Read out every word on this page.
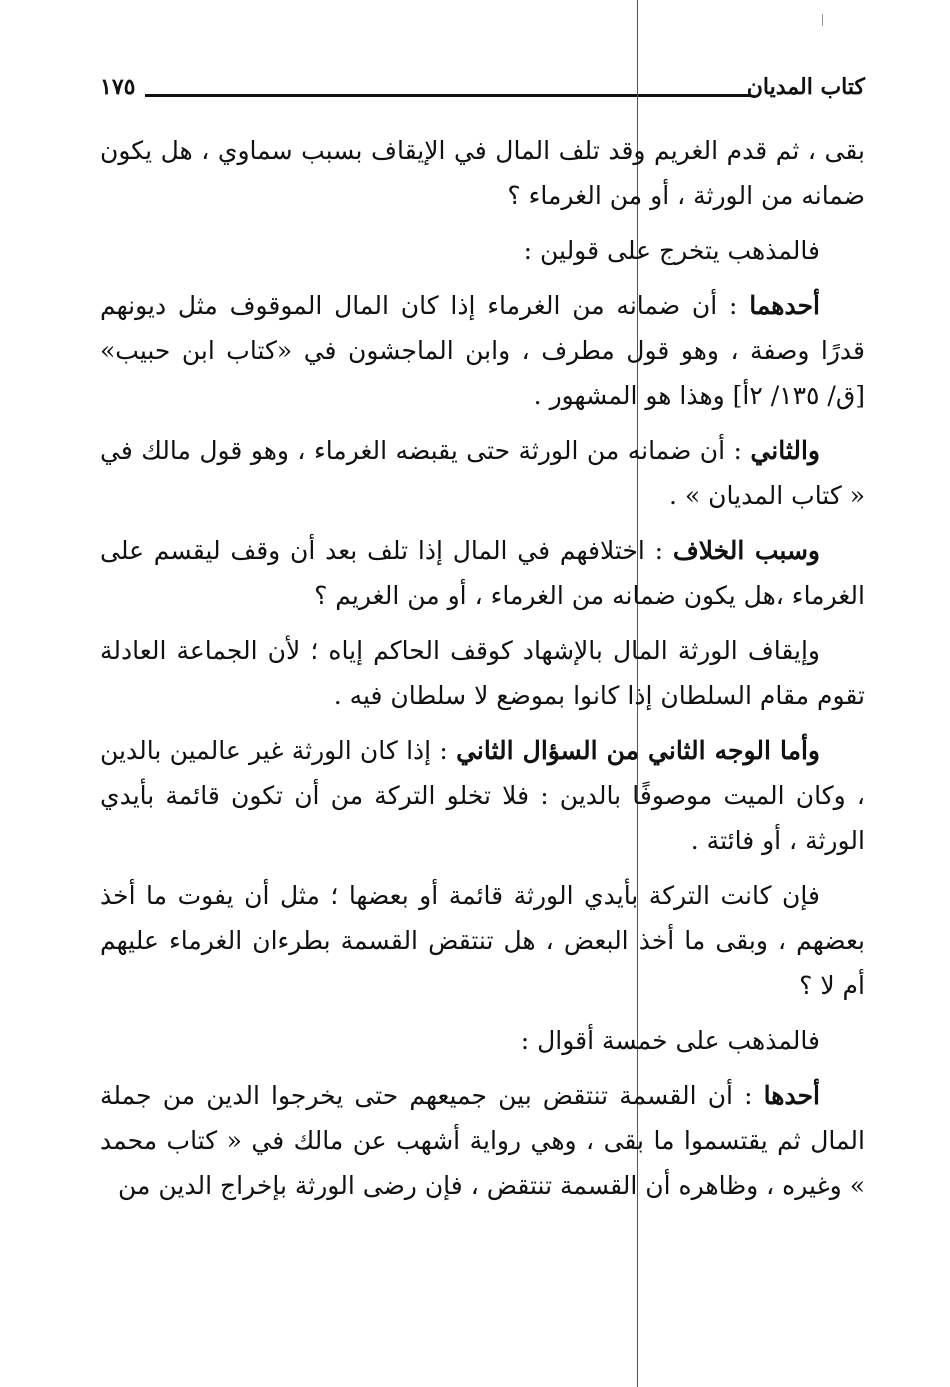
كتاب المديان
١٧٥

بقى ، ثم قدم الغريم وقد تلف المال في الإيقاف بسبب سماوي ، هل يكون ضمانه من الورثة ، أو من الغرماء ؟

فالمذهب يتخرج على قولين :

أحدهما : أن ضمانه من الغرماء إذا كان المال الموقوف مثل ديونهم قدرًا وصفة ، وهو قول مطرف ، وابن الماجشون في «كتاب ابن حبيب» [ق/ ١٣٥/ ٢أ] وهذا هو المشهور .

والثاني : أن ضمانه من الورثة حتى يقبضه الغرماء ، وهو قول مالك في « كتاب المديان » .

وسبب الخلاف : اختلافهم في المال إذا تلف بعد أن وقف ليقسم على الغرماء ،هل يكون ضمانه من الغرماء ، أو من الغريم ؟

وإيقاف الورثة المال بالإشهاد كوقف الحاكم إياه ؛ لأن الجماعة العادلة تقوم مقام السلطان إذا كانوا بموضع لا سلطان فيه .

وأما الوجه الثاني من السؤال الثاني : إذا كان الورثة غير عالمين بالدين ، وكان الميت موصوفًا بالدين : فلا تخلو التركة من أن تكون قائمة بأيدي الورثة ، أو فائتة .

فإن كانت التركة بأيدي الورثة قائمة أو بعضها ؛ مثل أن يفوت ما أخذ بعضهم ، وبقى ما أخذ البعض ، هل تنتقض القسمة بطرءان الغرماء عليهم أم لا ؟

فالمذهب على خمسة أقوال :

أحدها : أن القسمة تنتقض بين جميعهم حتى يخرجوا الدين من جملة المال ثم يقتسموا ما بقى ، وهي رواية أشهب عن مالك في « كتاب محمد » وغيره ، وظاهره أن القسمة تنتقض ، فإن رضى الورثة بإخراج الدين من
